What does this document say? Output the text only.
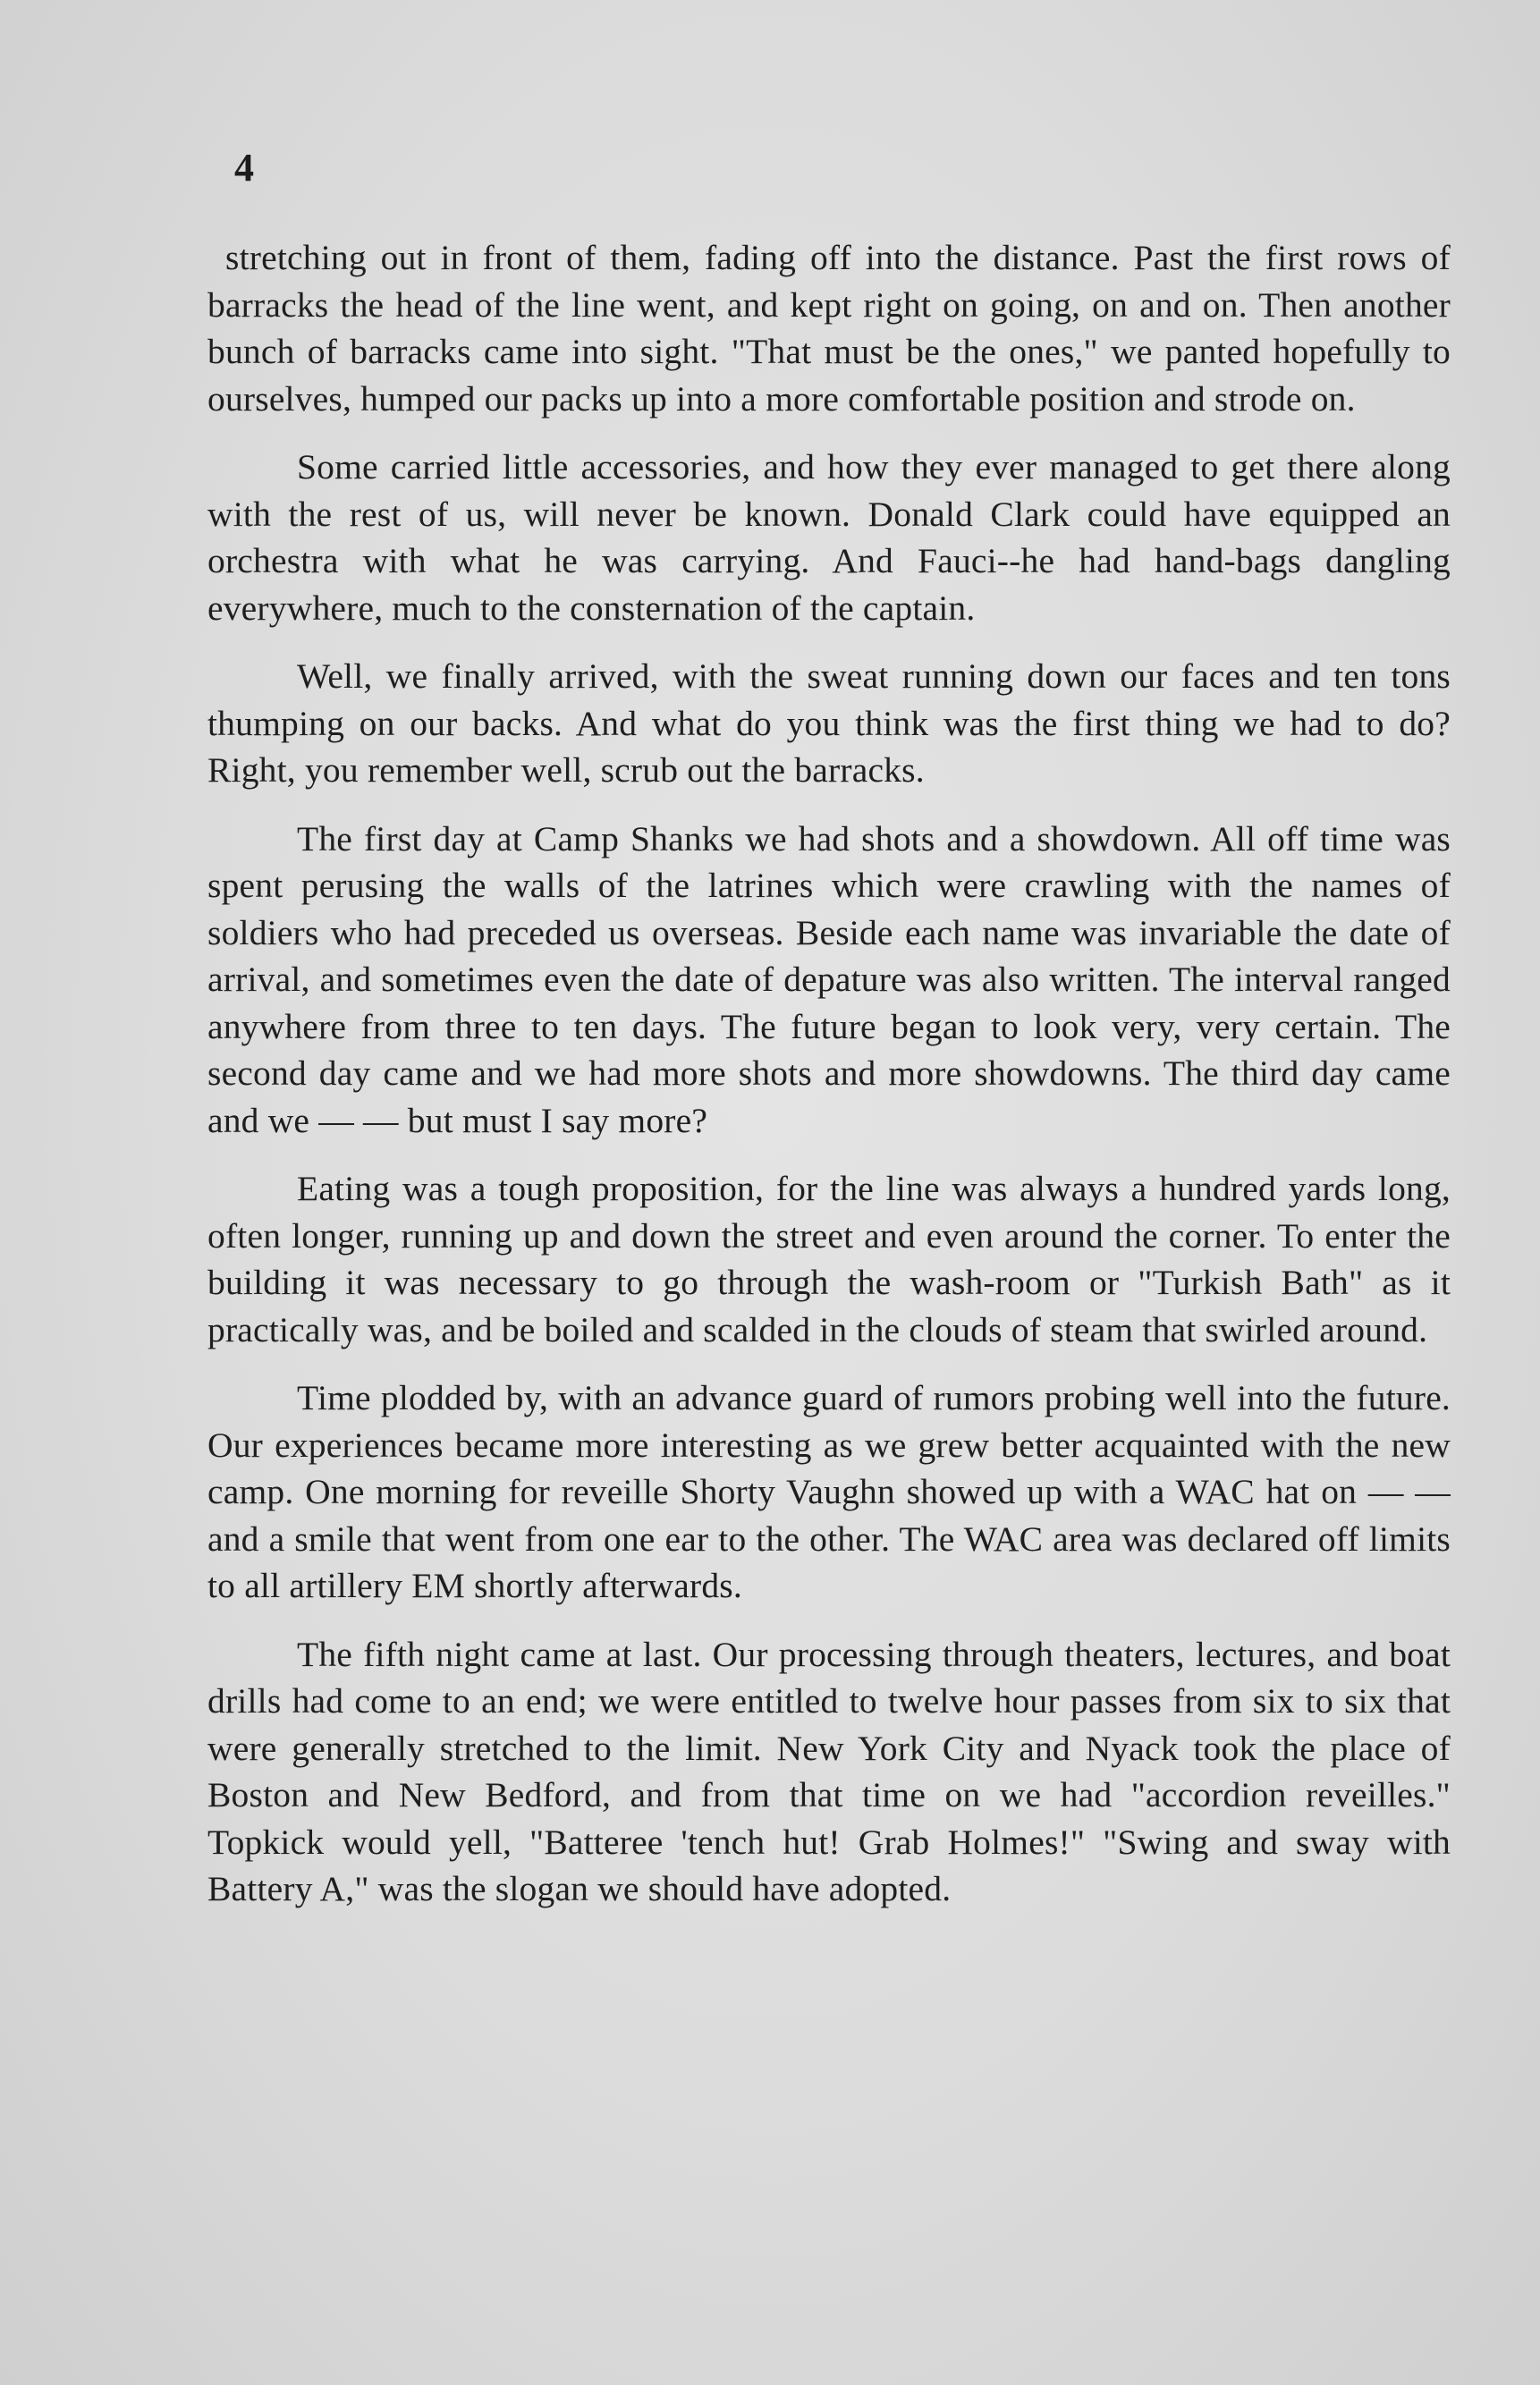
4

stretching out in front of them, fading off into the distance. Past the first rows of barracks the head of the line went, and kept right on going, on and on. Then another bunch of barracks came into sight. "That must be the ones," we panted hopefully to ourselves, humped our packs up into a more comfortable position and strode on.

Some carried little accessories, and how they ever managed to get there along with the rest of us, will never be known. Donald Clark could have equipped an orchestra with what he was carrying. And Fauci--he had hand-bags dangling everywhere, much to the consternation of the captain.

Well, we finally arrived, with the sweat running down our faces and ten tons thumping on our backs. And what do you think was the first thing we had to do? Right, you remember well, scrub out the barracks.

The first day at Camp Shanks we had shots and a showdown. All off time was spent perusing the walls of the latrines which were crawling with the names of soldiers who had preceded us overseas. Beside each name was invariable the date of arrival, and sometimes even the date of depature was also written. The interval ranged anywhere from three to ten days. The future began to look very, very certain. The second day came and we had more shots and more showdowns. The third day came and we — — but must I say more?

Eating was a tough proposition, for the line was always a hundred yards long, often longer, running up and down the street and even around the corner. To enter the building it was necessary to go through the wash-room or "Turkish Bath" as it practically was, and be boiled and scalded in the clouds of steam that swirled around.

Time plodded by, with an advance guard of rumors probing well into the future. Our experiences became more interesting as we grew better acquainted with the new camp. One morning for reveille Shorty Vaughn showed up with a WAC hat on — — and a smile that went from one ear to the other. The WAC area was declared off limits to all artillery EM shortly afterwards.

The fifth night came at last. Our processing through theaters, lectures, and boat drills had come to an end; we were entitled to twelve hour passes from six to six that were generally stretched to the limit. New York City and Nyack took the place of Boston and New Bedford, and from that time on we had "accordion reveilles." Topkick would yell, "Batteree 'tench hut! Grab Holmes!" "Swing and sway with Battery A," was the slogan we should have adopted.
